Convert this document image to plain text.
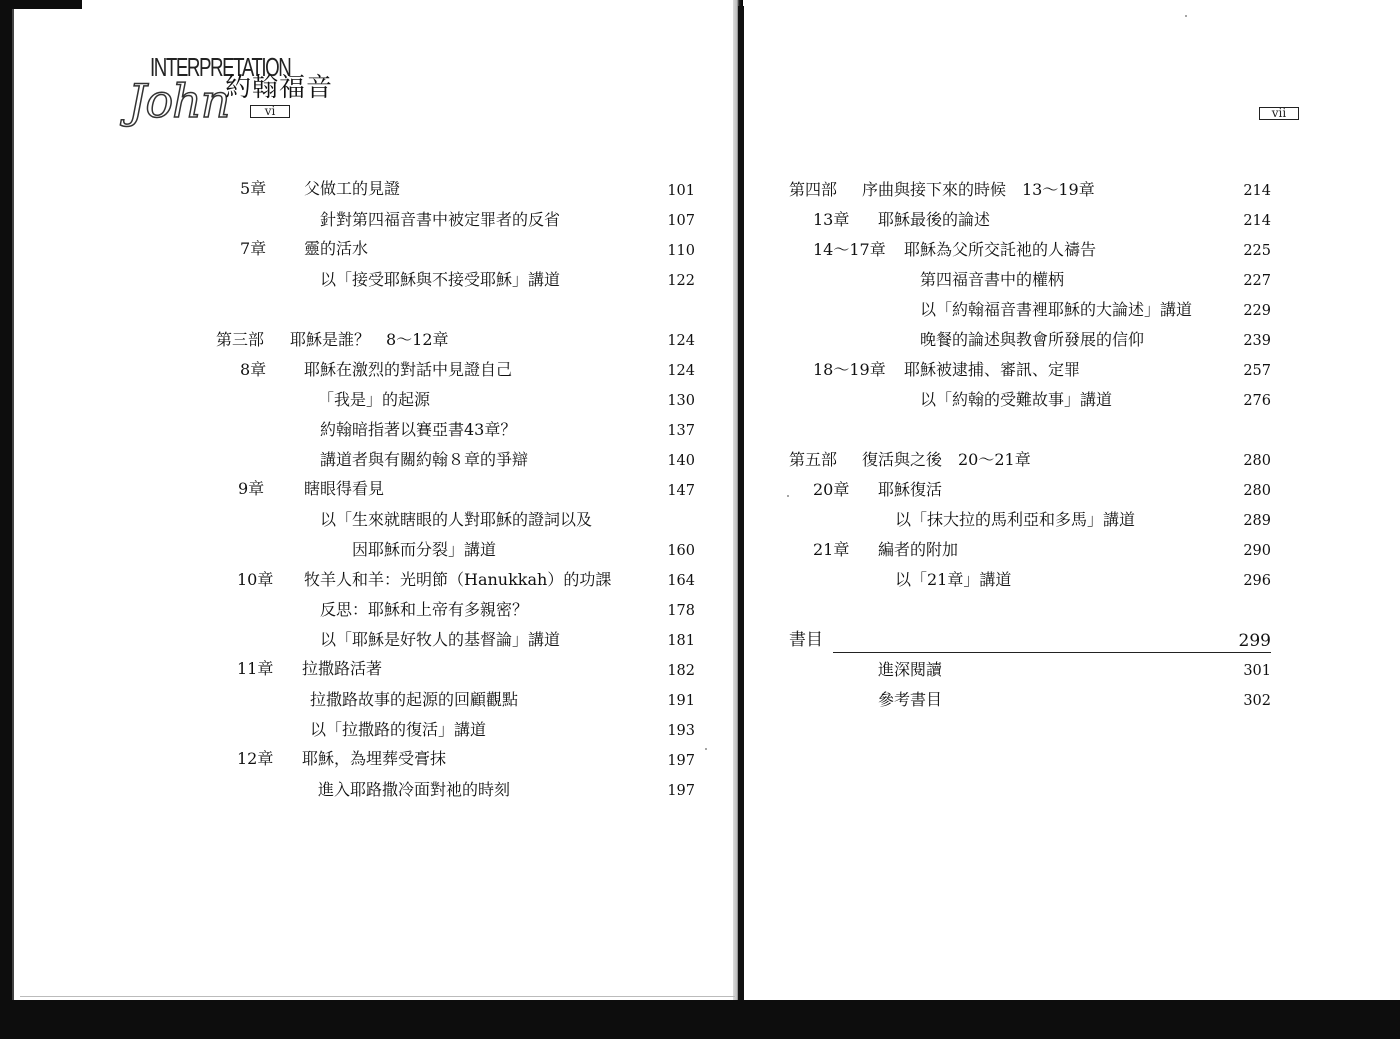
INTERPRETATION
John
約翰福音
vi	vii
5章 父做工的見證	101
針對第四福音書中被定罪者的反省	107
7章 靈的活水	110
以「接受耶穌與不接受耶穌」講道	122
第三部 耶穌是誰？　8～12章	124
8章 耶穌在激烈的對話中見證自己	124
「我是」的起源	130
約翰暗指著以賽亞書43章？	137
講道者與有關約翰８章的爭辯	140
9章 瞎眼得看見	147
以「生來就瞎眼的人對耶穌的證詞以及
因耶穌而分裂」講道	160
10章 牧羊人和羊：光明節（Hanukkah）的功課	164
反思：耶穌和上帝有多親密？	178
以「耶穌是好牧人的基督論」講道	181
11章 拉撒路活著	182
拉撒路故事的起源的回顧觀點	191
以「拉撒路的復活」講道	193
12章 耶穌，為埋葬受膏抹	197
進入耶路撒冷面對祂的時刻	197
第四部 序曲與接下來的時候　13～19章	214
13章 耶穌最後的論述	214
14～17章 耶穌為父所交託祂的人禱告	225
第四福音書中的權柄	227
以「約翰福音書裡耶穌的大論述」講道	229
晚餐的論述與教會所發展的信仰	239
18～19章 耶穌被逮捕、審訊、定罪	257
以「約翰的受難故事」講道	276
第五部 復活與之後　20～21章	280
20章 耶穌復活	280
以「抹大拉的馬利亞和多馬」講道	289
21章 編者的附加	290
以「21章」講道	296
書目	299
進深閱讀	301
參考書目	302
